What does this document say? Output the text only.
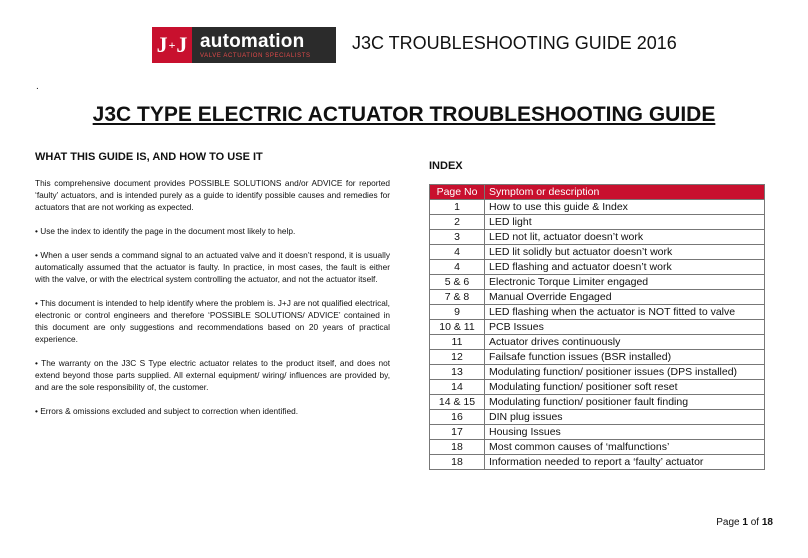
J + J automation
VALVE ACTUATION SPECIALISTS
J3C TROUBLESHOOTING GUIDE 2016
.
J3C TYPE ELECTRIC ACTUATOR TROUBLESHOOTING GUIDE
WHAT THIS GUIDE IS, AND HOW TO USE IT

This comprehensive document provides POSSIBLE SOLUTIONS and/or ADVICE for reported ‘faulty’ actuators, and is intended purely as a guide to identify possible causes and remedies for actuators that are not working as expected.

• Use the index to identify the page in the document most likely to help.

• When a user sends a command signal to an actuated valve and it doesn’t respond, it is usually automatically assumed that the actuator is faulty. In practice, in most cases, the fault is either with the valve, or with the electrical system controlling the actuator, and not the actuator itself.

• This document is intended to help identify where the problem is. J+J are not qualified electrical, electronic or control engineers and therefore ‘POSSIBLE SOLUTIONS/ ADVICE’ contained in this document are only suggestions and recommendations based on 20 years of practical experience.

• The warranty on the J3C S Type electric actuator relates to the product itself, and does not extend beyond those parts supplied. All external equipment/ wiring/ influences are provided by, and are the sole responsibility of, the customer.

• Errors & omissions excluded and subject to correction when identified.

INDEX
Page No	Symptom or description
1	How to use this guide & Index
2	LED light
3	LED not lit, actuator doesn’t work
4	LED lit solidly but actuator doesn’t work
4	LED flashing and actuator doesn’t work
5 & 6	Electronic Torque Limiter engaged
7 & 8	Manual Override Engaged
9	LED flashing when the actuator is NOT fitted to valve
10 & 11	PCB Issues
11	Actuator drives continuously
12	Failsafe function issues (BSR installed)
13	Modulating function/ positioner issues (DPS installed)
14	Modulating function/ positioner soft reset
14 & 15	Modulating function/ positioner fault finding
16	DIN plug issues
17	Housing Issues
18	Most common causes of ‘malfunctions’
18	Information needed to report a ‘faulty’ actuator
Page 1 of 18
